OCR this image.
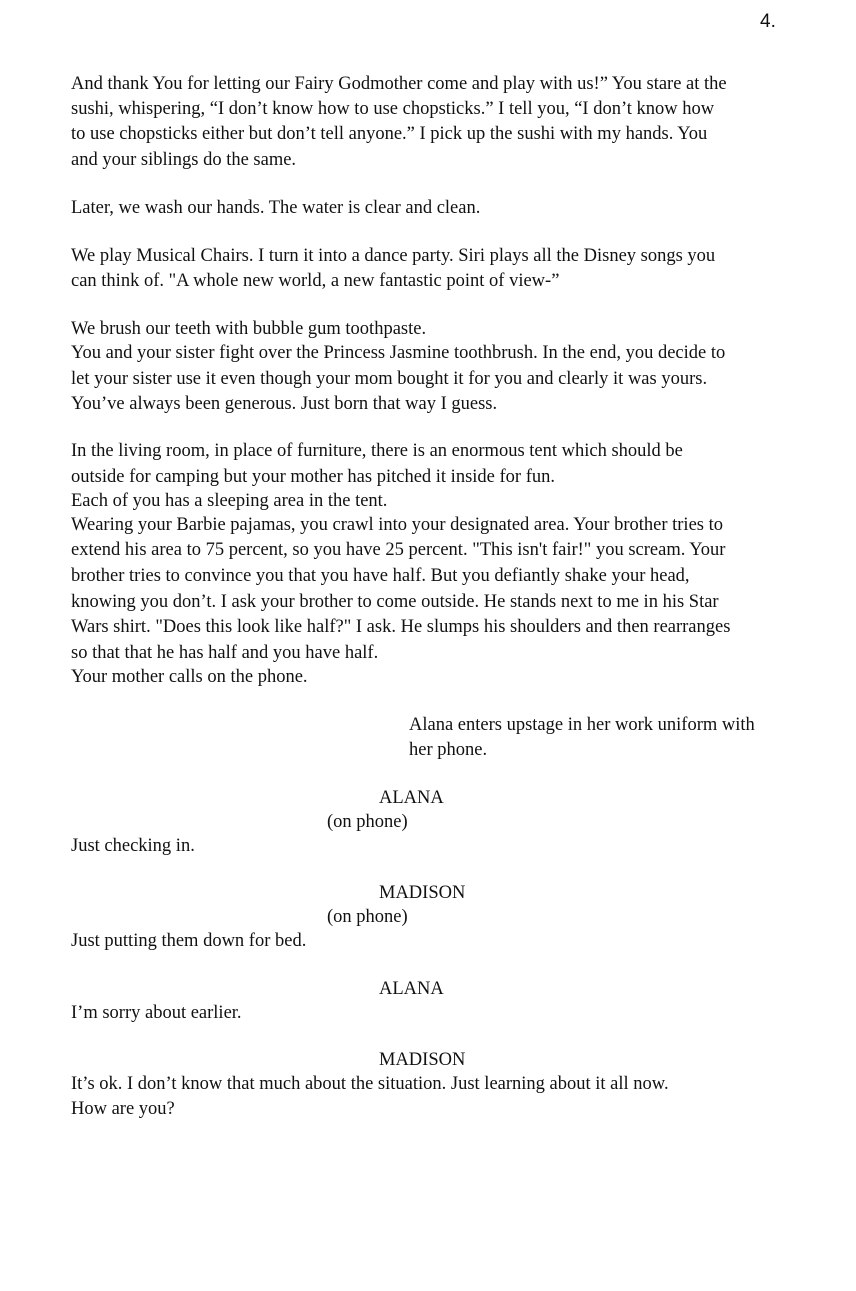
4.
And thank You for letting our Fairy Godmother come and play with us!” You stare at the
sushi, whispering, “I don’t know how to use chopsticks.” I tell you, “I don’t know how
to use chopsticks either but don’t tell anyone.” I pick up the sushi with my hands. You
and your siblings do the same.
Later, we wash our hands. The water is clear and clean.
We play Musical Chairs. I turn it into a dance party. Siri plays all the Disney songs you
can think of. "A whole new world, a new fantastic point of view-”
We brush our teeth with bubble gum toothpaste.
You and your sister fight over the Princess Jasmine toothbrush. In the end, you decide to
let your sister use it even though your mom bought it for you and clearly it was yours.
You’ve always been generous. Just born that way I guess.
In the living room, in place of furniture, there is an enormous tent which should be
outside for camping but your mother has pitched it inside for fun.
Each of you has a sleeping area in the tent.
Wearing your Barbie pajamas, you crawl into your designated area. Your brother tries to
extend his area to 75 percent, so you have 25 percent. "This isn't fair!" you scream. Your
brother tries to convince you that you have half. But you defiantly shake your head,
knowing you don’t. I ask your brother to come outside. He stands next to me in his Star
Wars shirt. "Does this look like half?" I ask. He slumps his shoulders and then rearranges
so that that he has half and you have half.
Your mother calls on the phone.
Alana enters upstage in her work uniform with
her phone.
ALANA
(on phone)
Just checking in.
MADISON
(on phone)
Just putting them down for bed.
ALANA
I’m sorry about earlier.
MADISON
It’s ok. I don’t know that much about the situation. Just learning about it all now.
How are you?
